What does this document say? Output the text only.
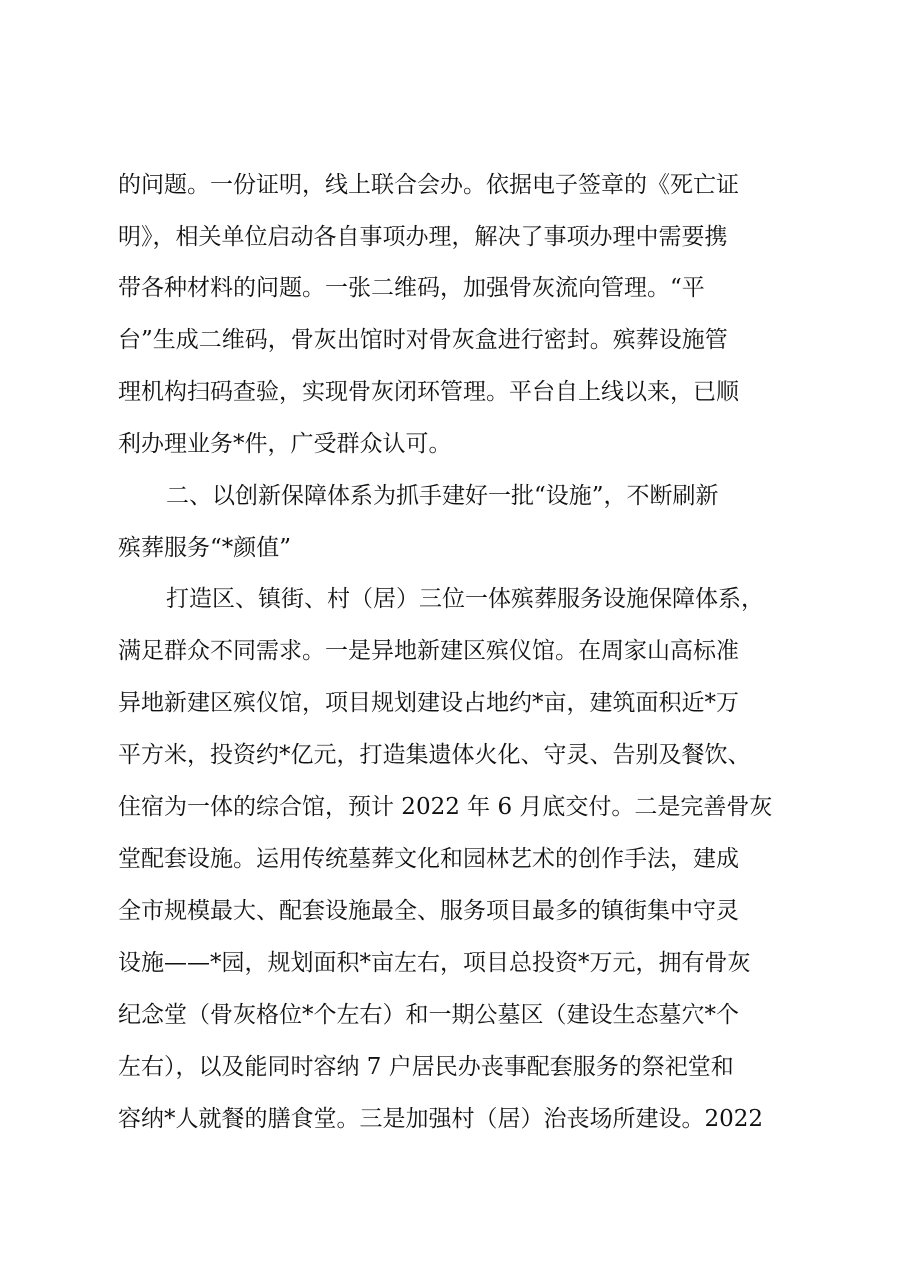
的问题。一份证明，线上联合会办。依据电子签章的《死亡证
明》，相关单位启动各自事项办理，解决了事项办理中需要携
带各种材料的问题。一张二维码，加强骨灰流向管理。“平
台”生成二维码，骨灰出馆时对骨灰盒进行密封。殡葬设施管
理机构扫码查验，实现骨灰闭环管理。平台自上线以来，已顺
利办理业务*件，广受群众认可。
二、以创新保障体系为抓手建好一批“设施”，不断刷新
殡葬服务“*颜值”
打造区、镇街、村（居）三位一体殡葬服务设施保障体系，
满足群众不同需求。一是异地新建区殡仪馆。在周家山高标准
异地新建区殡仪馆，项目规划建设占地约*亩，建筑面积近*万
平方米，投资约*亿元，打造集遗体火化、守灵、告别及餐饮、
住宿为一体的综合馆，预计 2022 年 6 月底交付。二是完善骨灰
堂配套设施。运用传统墓葬文化和园林艺术的创作手法，建成
全市规模最大、配套设施最全、服务项目最多的镇街集中守灵
设施——*园，规划面积*亩左右，项目总投资*万元，拥有骨灰
纪念堂（骨灰格位*个左右）和一期公墓区（建设生态墓穴*个
左右），以及能同时容纳 7 户居民办丧事配套服务的祭祀堂和
容纳*人就餐的膳食堂。三是加强村（居）治丧场所建设。2022
